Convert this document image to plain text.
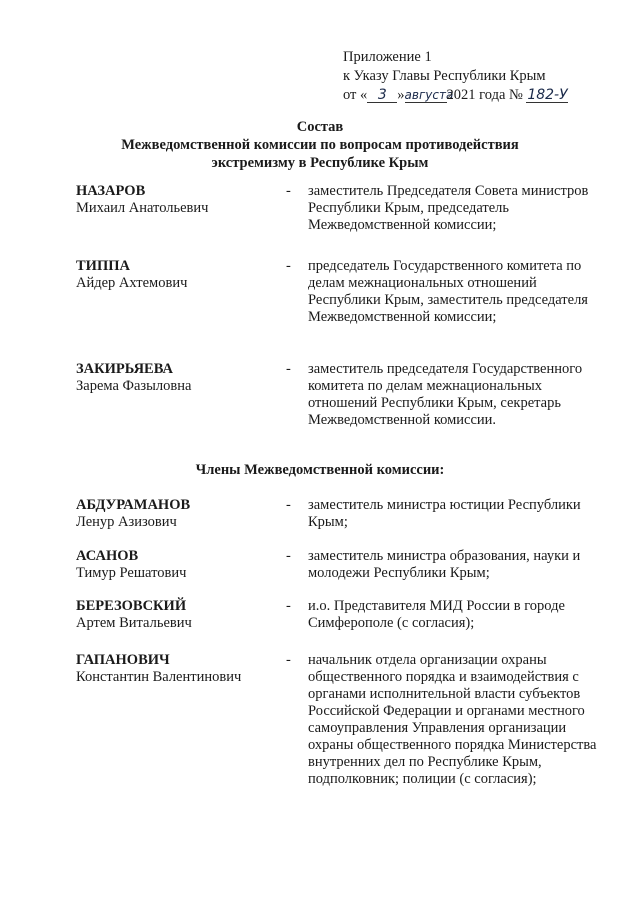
Приложение 1
к Указу Главы Республики Крым
от « 3 »августа2021 года № 182-У
Состав
Межведомственной комиссии по вопросам противодействия
экстремизму в Республике Крым
НАЗАРОВ
Михаил Анатольевич
- заместитель Председателя Совета министров Республики Крым, председатель Межведомственной комиссии;
ТИППА
Айдер Ахтемович
- председатель Государственного комитета по делам межнациональных отношений Республики Крым, заместитель председателя Межведомственной комиссии;
ЗАКИРЬЯЕВА
Зарема Фазыловна
- заместитель председателя Государственного комитета по делам межнациональных отношений Республики Крым, секретарь Межведомственной комиссии.
Члены Межведомственной комиссии:
АБДУРАМАНОВ
Ленур Азизович
- заместитель министра юстиции Республики Крым;
АСАНОВ
Тимур Решатович
- заместитель министра образования, науки и молодежи Республики Крым;
БЕРЕЗОВСКИЙ
Артем Витальевич
- и.о. Представителя МИД России в городе Симферополе (с согласия);
ГАПАНОВИЧ
Константин Валентинович
- начальник отдела организации охраны общественного порядка и взаимодействия с органами исполнительной власти субъектов Российской Федерации и органами местного самоуправления Управления организации охраны общественного порядка Министерства внутренних дел по Республике Крым, подполковник; полиции (с согласия);
